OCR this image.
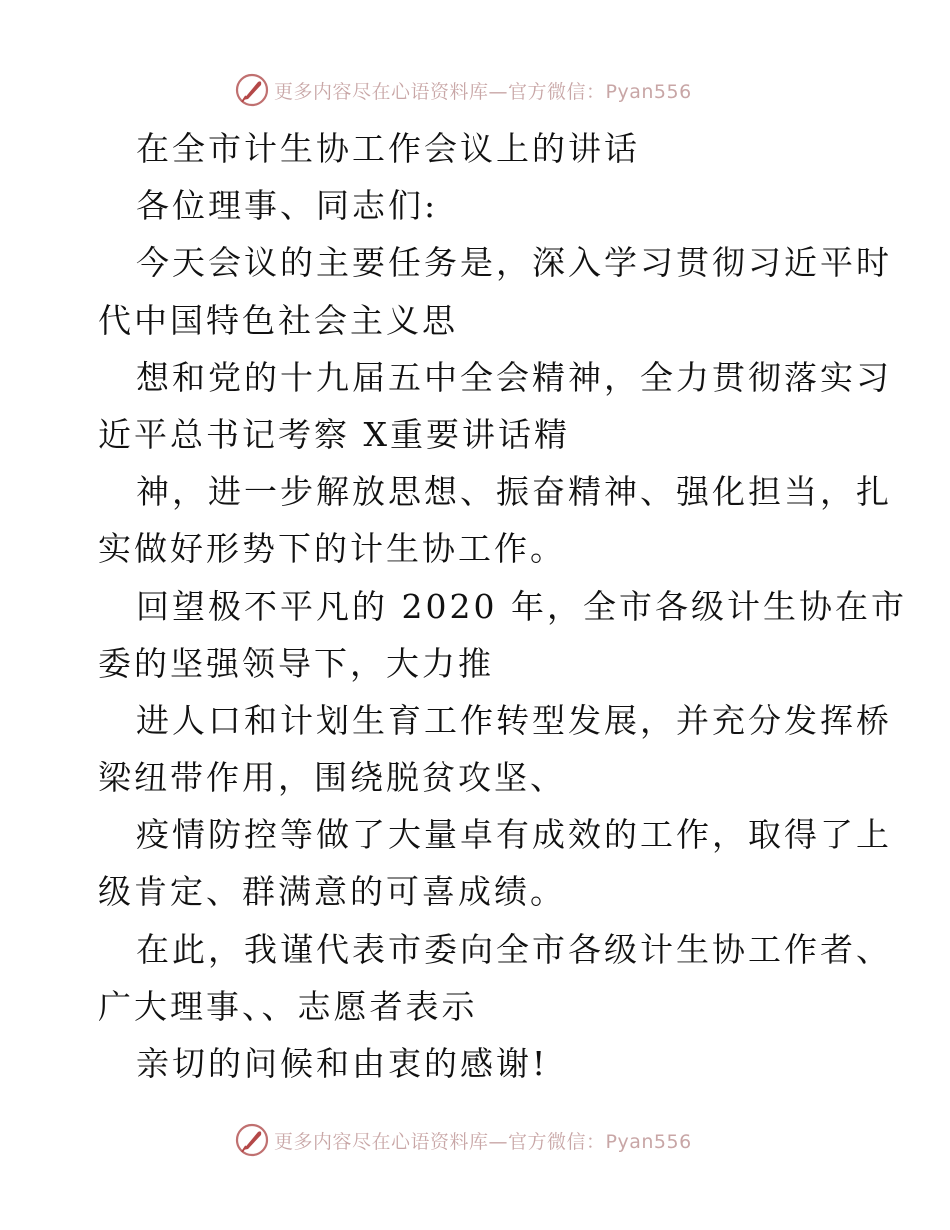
更多内容尽在心语资料库—官方微信：Pyan556
在全市计生协工作会议上的讲话
各位理事、同志们:
今天会议的主要任务是，深入学习贯彻习近平时
代中国特色社会主义思
想和党的十九届五中全会精神，全力贯彻落实习
近平总书记考察 X重要讲话精
神，进一步解放思想、振奋精神、强化担当，扎
实做好形势下的计生协工作。
回望极不平凡的 2020 年，全市各级计生协在市
委的坚强领导下，大力推
进人口和计划生育工作转型发展，并充分发挥桥
梁纽带作用，围绕脱贫攻坚、
疫情防控等做了大量卓有成效的工作，取得了上
级肯定、群满意的可喜成绩。
在此，我谨代表市委向全市各级计生协工作者、
广大理事、、志愿者表示
亲切的问候和由衷的感谢!
更多内容尽在心语资料库—官方微信：Pyan556
